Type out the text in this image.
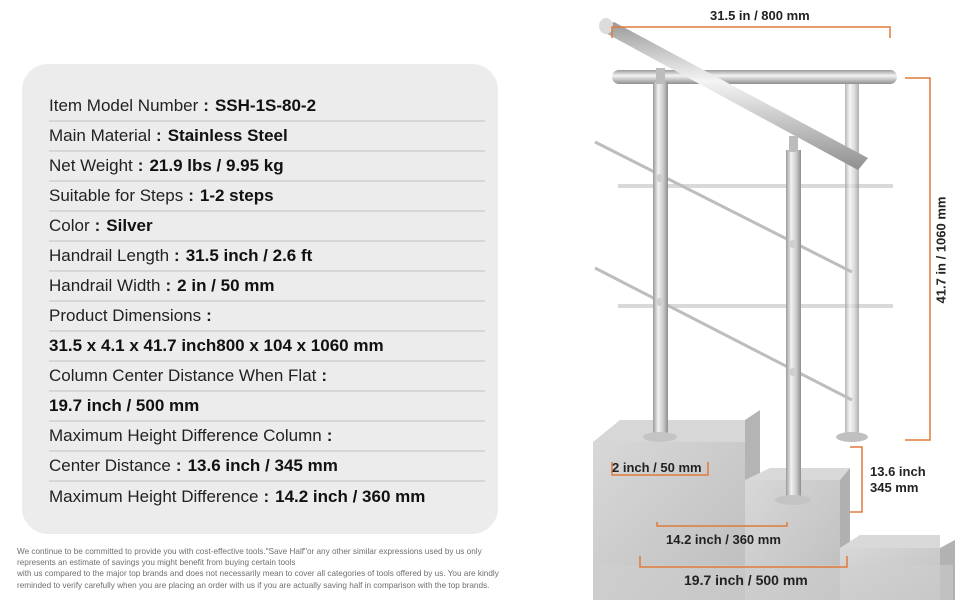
Item Model Number : SSH-1S-80-2
Main Material : Stainless Steel
Net Weight : 21.9 lbs / 9.95 kg
Suitable for Steps : 1-2 steps
Color : Silver
Handrail Length : 31.5 inch / 2.6 ft
Handrail Width : 2 in / 50 mm
Product Dimensions :
31.5 x 4.1 x 41.7 inch800 x 104 x 1060 mm
Column Center Distance When Flat :
19.7 inch / 500 mm
Maximum Height Difference Column :
Center Distance : 13.6 inch / 345 mm
Maximum Height Difference : 14.2 inch / 360 mm
We continue to be committed to provide you with cost-effective tools."Save Half"or any other similar expressions used by us only
represents an estimate of savings you might benefit from buying certain tools
with us compared to the major top brands and does not necessarily mean to cover all categories of tools offered by us. You are kindly
reminded to verify carefully when you are placing an order with us if you are actually saving half in comparison with the top brands.
31.5 in / 800 mm
41.7 in / 1060 mm
2 inch / 50 mm	13.6 inch
345 mm
14.2 inch / 360 mm
19.7 inch / 500 mm
